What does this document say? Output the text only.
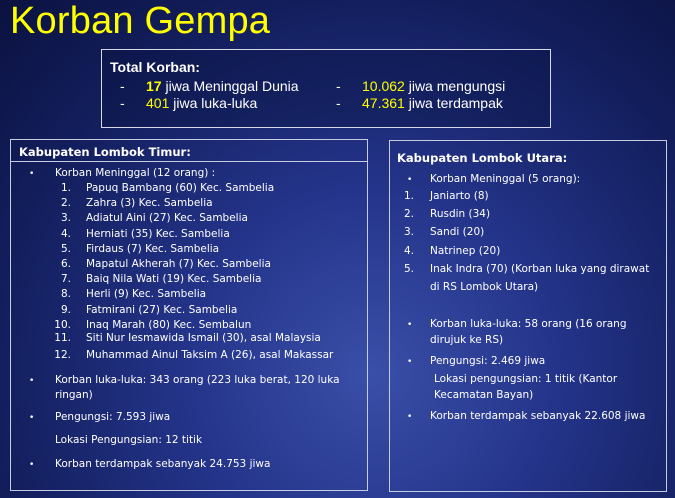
Korban Gempa
Total Korban:
- 17 jiwa Meninggal Dunia	- 10.062 jiwa mengungsi
- 401 jiwa luka-luka	- 47.361 jiwa terdampak
Kabupaten Lombok Timur:
• Korban Meninggal (12 orang) :
1. Papuq Bambang (60) Kec. Sambelia
2. Zahra (3) Kec. Sambelia
3. Adiatul Aini (27) Kec. Sambelia
4. Herniati (35) Kec. Sambelia
5. Firdaus (7) Kec. Sambelia
6. Mapatul Akherah (7) Kec. Sambelia
7. Baiq Nila Wati (19) Kec. Sambelia
8. Herli (9) Kec. Sambelia
9. Fatmirani (27) Kec. Sambelia
10. Inaq Marah (80) Kec. Sembalun
11. Siti Nur Iesmawida Ismail (30), asal Malaysia
12. Muhammad Ainul Taksim A (26), asal Makassar
• Korban luka-luka: 343 orang (223 luka berat, 120 luka
ringan)
• Pengungsi: 7.593 jiwa
Lokasi Pengungsian: 12 titik
• Korban terdampak sebanyak 24.753 jiwa
Kabupaten Lombok Utara:
• Korban Meninggal (5 orang):
1. Janiarto (8)
2. Rusdin (34)
3. Sandi (20)
4. Natrinep (20)
5. Inak Indra (70) (Korban luka yang dirawat
di RS Lombok Utara)
• Korban luka-luka: 58 orang (16 orang
dirujuk ke RS)
• Pengungsi: 2.469 jiwa
Lokasi pengungsian: 1 titik (Kantor
Kecamatan Bayan)
• Korban terdampak sebanyak 22.608 jiwa
